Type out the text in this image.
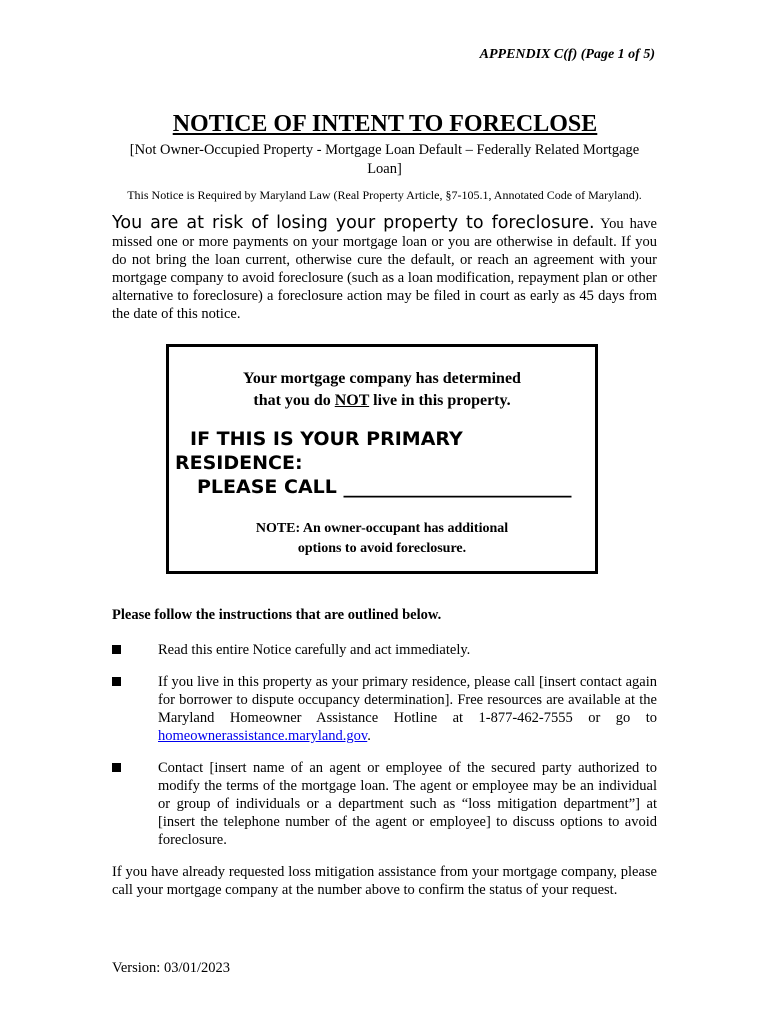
APPENDIX C(f) (Page 1 of 5)
NOTICE OF INTENT TO FORECLOSE
[Not Owner-Occupied Property - Mortgage Loan Default – Federally Related Mortgage Loan]
This Notice is Required by Maryland Law (Real Property Article, §7-105.1, Annotated Code of Maryland).
You are at risk of losing your property to foreclosure. You have missed one or more payments on your mortgage loan or you are otherwise in default. If you do not bring the loan current, otherwise cure the default, or reach an agreement with your mortgage company to avoid foreclosure (such as a loan modification, repayment plan or other alternative to foreclosure) a foreclosure action may be filed in court as early as 45 days from the date of this notice.
Your mortgage company has determined
that you do NOT live in this property.
IF THIS IS YOUR PRIMARY
RESIDENCE:
PLEASE CALL ________________________
NOTE: An owner-occupant has additional
options to avoid foreclosure.
Please follow the instructions that are outlined below.
Read this entire Notice carefully and act immediately.
If you live in this property as your primary residence, please call [insert contact again for borrower to dispute occupancy determination]. Free resources are available at the Maryland Homeowner Assistance Hotline at 1-877-462-7555 or go to homeownerassistance.maryland.gov.
Contact [insert name of an agent or employee of the secured party authorized to modify the terms of the mortgage loan. The agent or employee may be an individual or group of individuals or a department such as “loss mitigation department”] at [insert the telephone number of the agent or employee] to discuss options to avoid foreclosure.
If you have already requested loss mitigation assistance from your mortgage company, please call your mortgage company at the number above to confirm the status of your request.
Version: 03/01/2023
